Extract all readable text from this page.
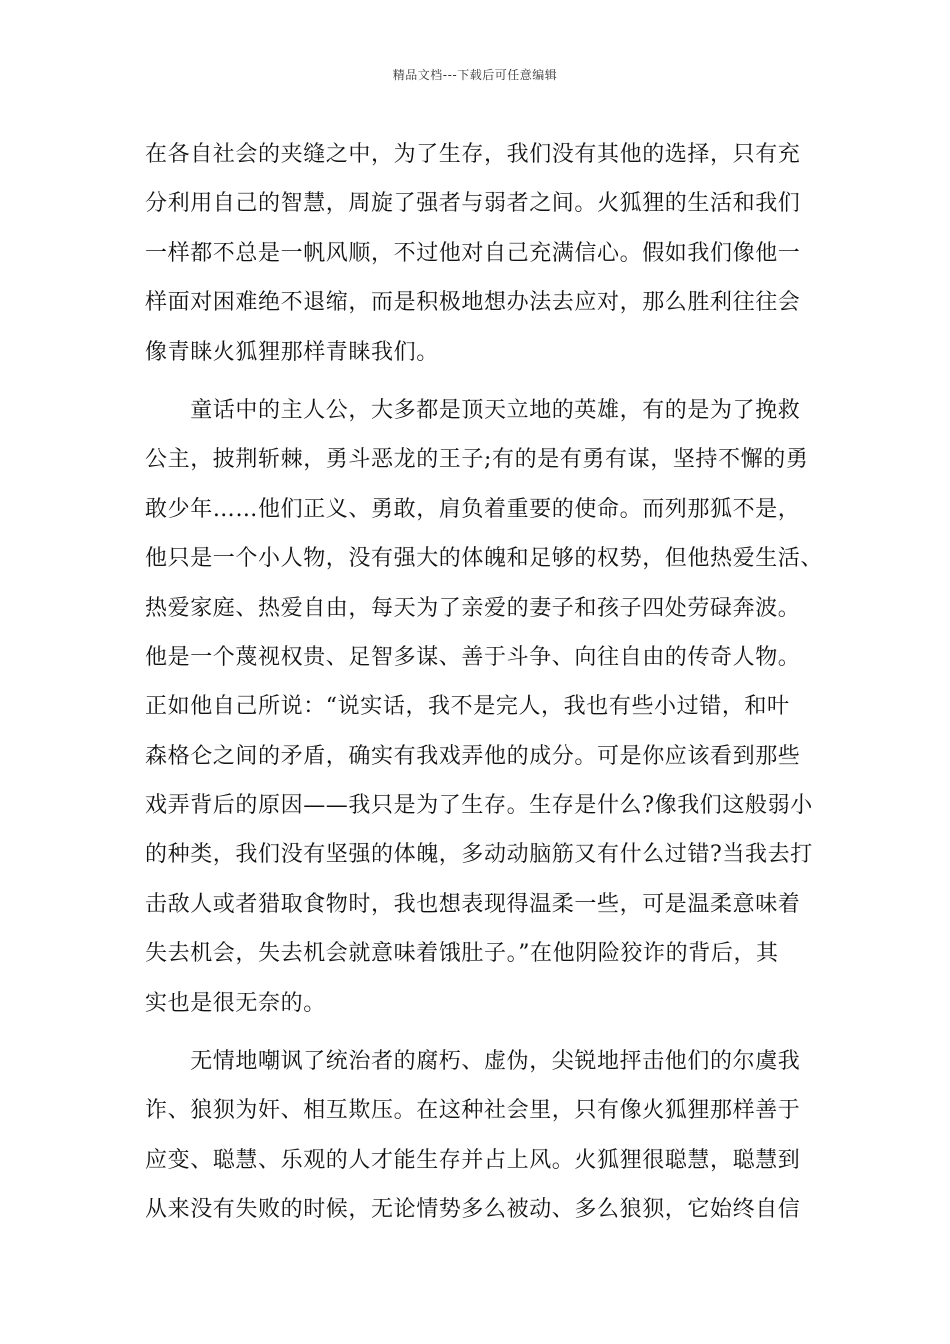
精品文档---下载后可任意编辑
在各自社会的夹缝之中，为了生存，我们没有其他的选择，只有充
分利用自己的智慧，周旋了强者与弱者之间。火狐狸的生活和我们
一样都不总是一帆风顺，不过他对自己充满信心。假如我们像他一
样面对困难绝不退缩，而是积极地想办法去应对，那么胜利往往会
像青睐火狐狸那样青睐我们。
　　童话中的主人公，大多都是顶天立地的英雄，有的是为了挽救
公主，披荆斩棘，勇斗恶龙的王子;有的是有勇有谋，坚持不懈的勇
敢少年……他们正义、勇敢，肩负着重要的使命。而列那狐不是，
他只是一个小人物，没有强大的体魄和足够的权势，但他热爱生活、
热爱家庭、热爱自由，每天为了亲爱的妻子和孩子四处劳碌奔波。
他是一个蔑视权贵、足智多谋、善于斗争、向往自由的传奇人物。
正如他自己所说：“说实话，我不是完人，我也有些小过错，和叶
森格仑之间的矛盾，确实有我戏弄他的成分。可是你应该看到那些
戏弄背后的原因——我只是为了生存。生存是什么?像我们这般弱小
的种类，我们没有坚强的体魄，多动动脑筋又有什么过错?当我去打
击敌人或者猎取食物时，我也想表现得温柔一些，可是温柔意味着
失去机会，失去机会就意味着饿肚子。”在他阴险狡诈的背后，其
实也是很无奈的。
　　无情地嘲讽了统治者的腐朽、虚伪，尖锐地抨击他们的尔虞我
诈、狼狈为奸、相互欺压。在这种社会里，只有像火狐狸那样善于
应变、聪慧、乐观的人才能生存并占上风。火狐狸很聪慧，聪慧到
从来没有失败的时候，无论情势多么被动、多么狼狈，它始终自信
